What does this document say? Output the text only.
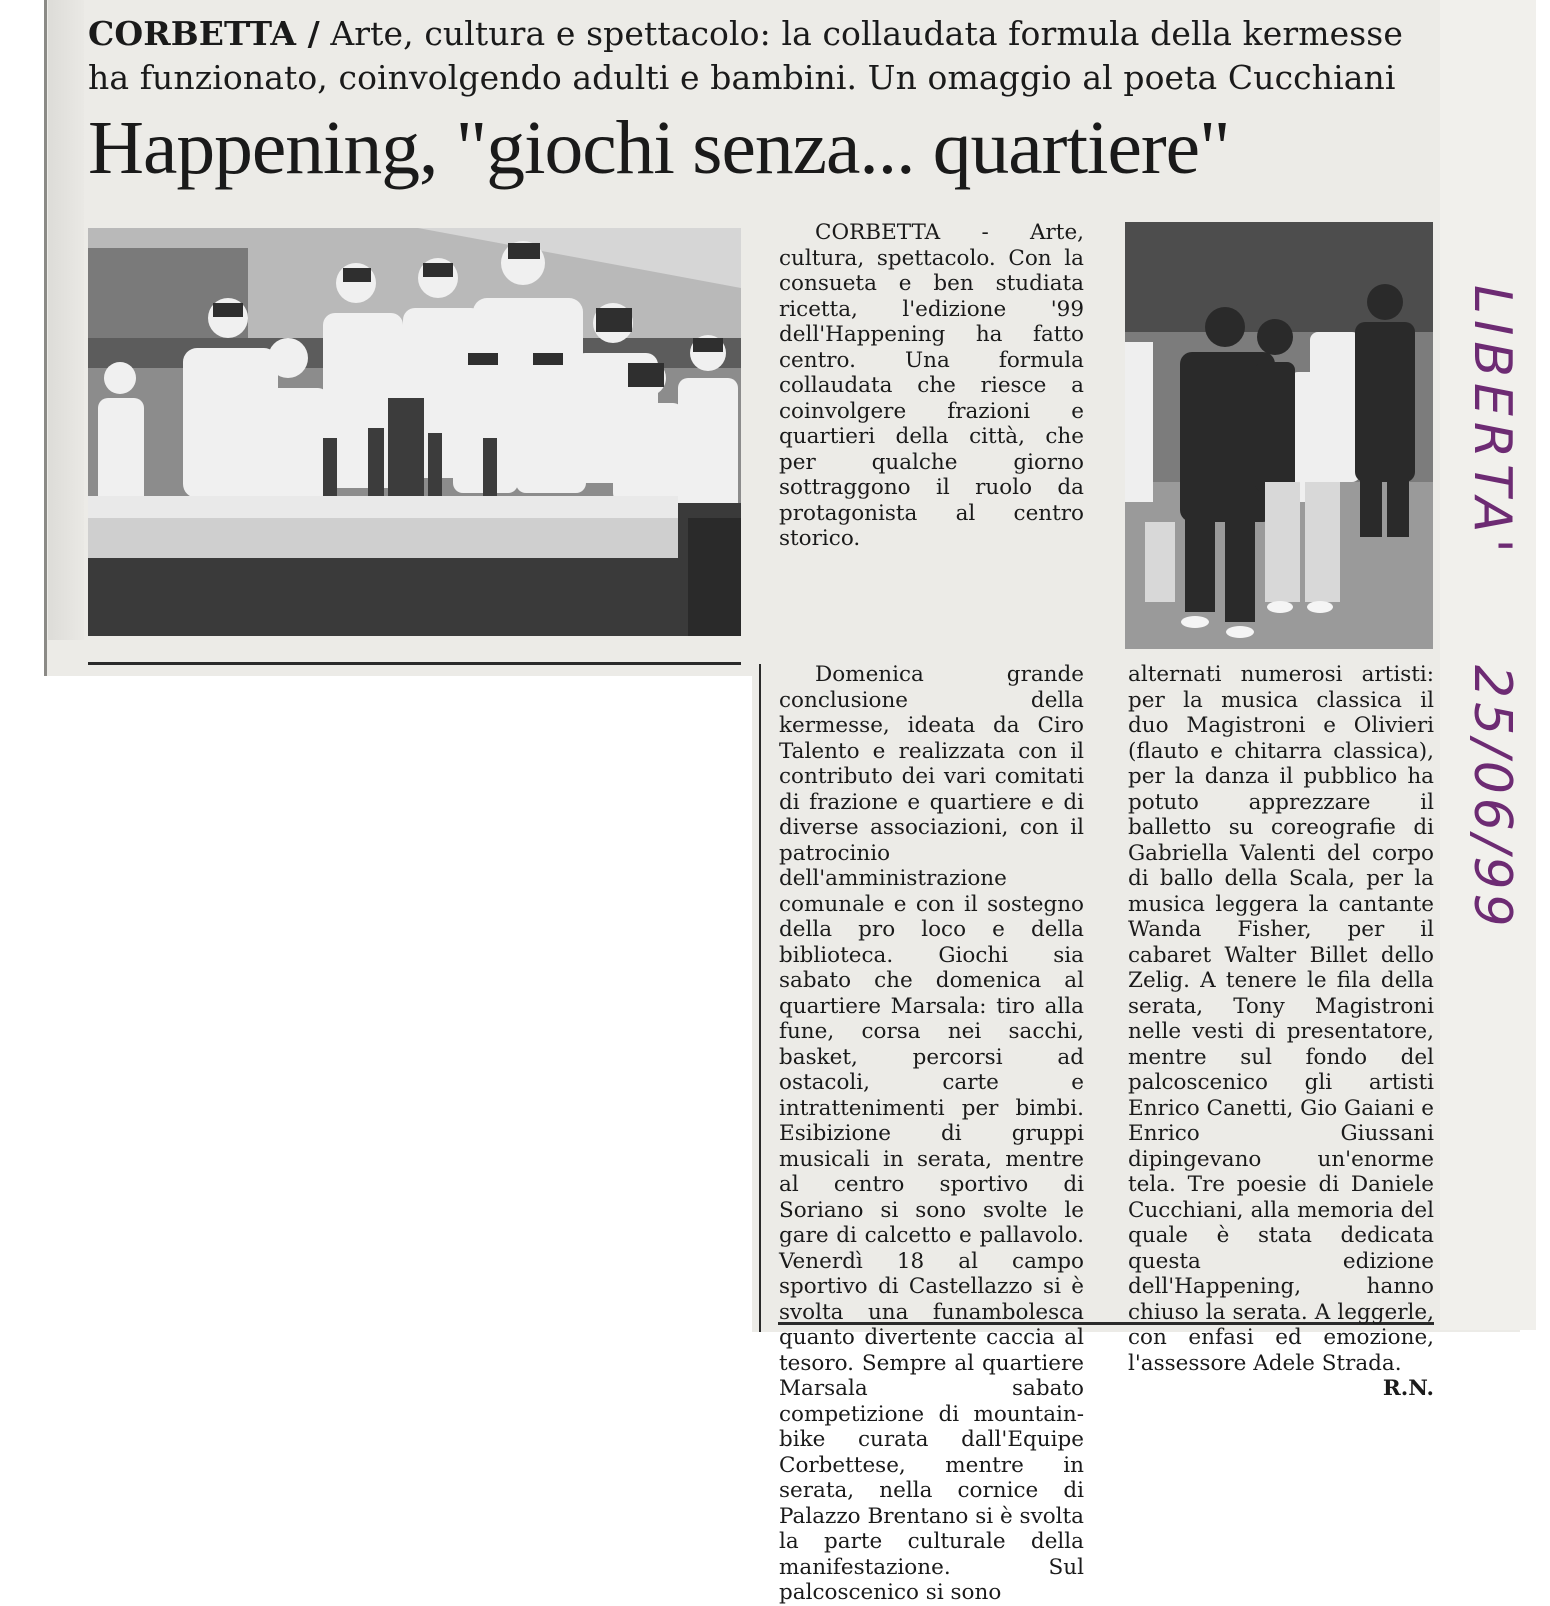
CORBETTA / Arte, cultura e spettacolo: la collaudata formula della kermesse ha funzionato, coinvolgendo adulti e bambini. Un omaggio al poeta Cucchiani

Happening, "giochi senza... quartiere"

CORBETTA - Arte, cultura, spettacolo. Con la consueta e ben studiata ricetta, l'edizione '99 dell'Happening ha fatto centro. Una formula collaudata che riesce a coinvolgere frazioni e quartieri della città, che per qualche giorno sottraggono il ruolo da protagonista al centro storico.

Domenica grande conclusione della kermesse, ideata da Ciro Talento e realizzata con il contributo dei vari comitati di frazione e quartiere e di diverse associazioni, con il patrocinio dell'amministrazione comunale e con il sostegno della pro loco e della biblioteca. Giochi sia sabato che domenica al quartiere Marsala: tiro alla fune, corsa nei sacchi, basket, percorsi ad ostacoli, carte e intrattenimenti per bimbi. Esibizione di gruppi musicali in serata, mentre al centro sportivo di Soriano si sono svolte le gare di calcetto e pallavolo. Venerdì 18 al campo sportivo di Castellazzo si è svolta una funambolesca quanto divertente caccia al tesoro. Sempre al quartiere Marsala sabato competizione di mountain-bike curata dall'Equipe Corbettese, mentre in serata, nella cornice di Palazzo Brentano si è svolta la parte culturale della manifestazione. Sul palcoscenico si sono

alternati numerosi artisti: per la musica classica il duo Magistroni e Olivieri (flauto e chitarra classica), per la danza il pubblico ha potuto apprezzare il balletto su coreografie di Gabriella Valenti del corpo di ballo della Scala, per la musica leggera la cantante Wanda Fisher, per il cabaret Walter Billet dello Zelig. A tenere le fila della serata, Tony Magistroni nelle vesti di presentatore, mentre sul fondo del palcoscenico gli artisti Enrico Canetti, Gio Gaiani e Enrico Giussani dipingevano un'enorme tela. Tre poesie di Daniele Cucchiani, alla memoria del quale è stata dedicata questa edizione dell'Happening, hanno chiuso la serata. A leggerle, con enfasi ed emozione, l'assessore Adele Strada.
R.N.

LIBERTA'
25/06/99
